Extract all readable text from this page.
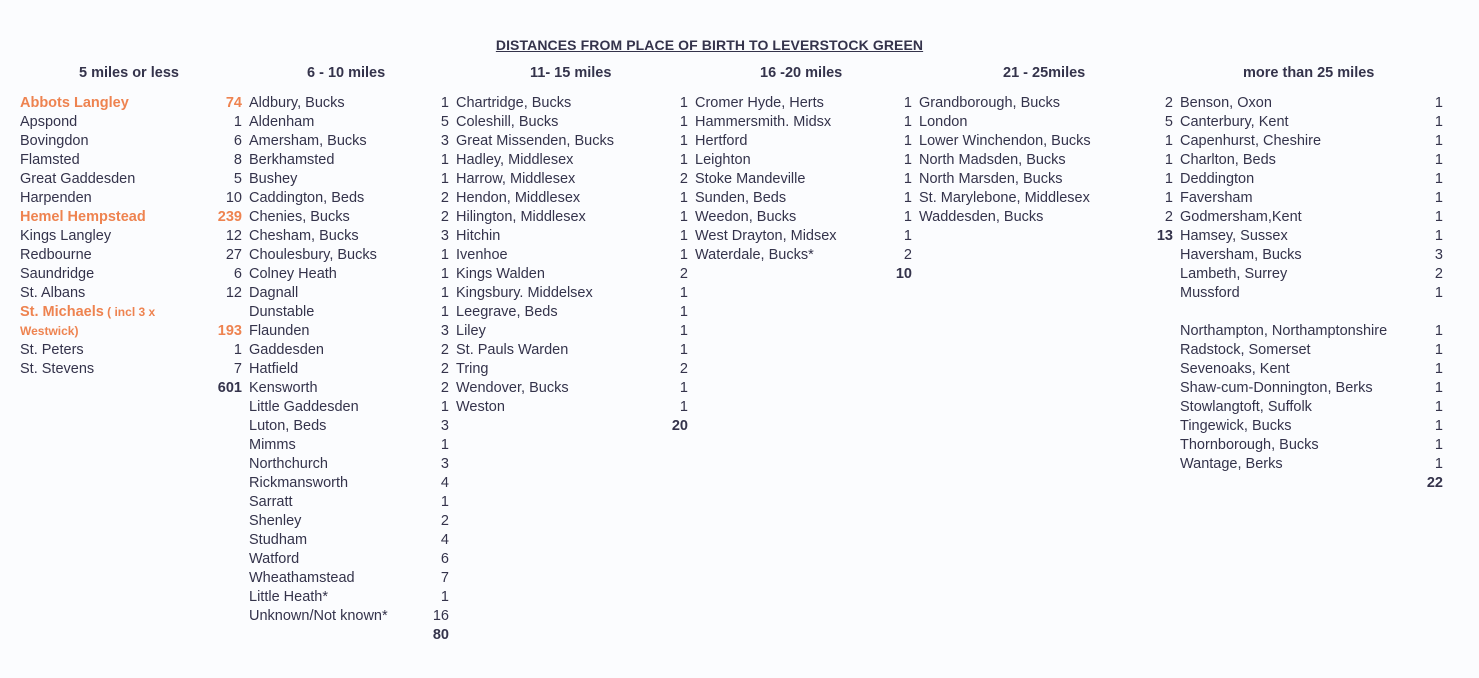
DISTANCES FROM PLACE OF BIRTH TO LEVERSTOCK GREEN
5 miles or less
Abbots Langley	74
Apspond	1
Bovingdon	6
Flamsted	8
Great Gaddesden	5
Harpenden	10
Hemel Hempstead	239
Kings Langley	12
Redbourne	27
Saundridge	6
St. Albans	12
St. Michaels ( incl 3 x
Westwick)	193
St. Peters	1
St. Stevens	7
601
6 - 10 miles
Aldbury, Bucks	1
Aldenham	5
Amersham, Bucks	3
Berkhamsted	1
Bushey	1
Caddington, Beds	2
Chenies, Bucks	2
Chesham, Bucks	3
Choulesbury, Bucks	1
Colney Heath	1
Dagnall	1
Dunstable	1
Flaunden	3
Gaddesden	2
Hatfield	2
Kensworth	2
Little Gaddesden	1
Luton, Beds	3
Mimms	1
Northchurch	3
Rickmansworth	4
Sarratt	1
Shenley	2
Studham	4
Watford	6
Wheathamstead	7
Little Heath*	1
Unknown/Not known*	16
80
11- 15 miles
Chartridge, Bucks	1
Coleshill, Bucks	1
Great Missenden, Bucks	1
Hadley, Middlesex	1
Harrow, Middlesex	2
Hendon, Middlesex	1
Hilington, Middlesex	1
Hitchin	1
Ivenhoe	1
Kings Walden	2
Kingsbury. Middelsex	1
Leegrave, Beds	1
Liley	1
St. Pauls Warden	1
Tring	2
Wendover, Bucks	1
Weston	1
20
16 -20 miles
Cromer Hyde, Herts	1
Hammersmith. Midsx	1
Hertford	1
Leighton	1
Stoke Mandeville	1
Sunden, Beds	1
Weedon, Bucks	1
West Drayton, Midsex	1
Waterdale, Bucks*	2
10
21 - 25miles
Grandborough, Bucks	2
London	5
Lower Winchendon, Bucks	1
North Madsden, Bucks	1
North Marsden, Bucks	1
St. Marylebone, Middlesex	1
Waddesden, Bucks	2
13
more than 25 miles
Benson, Oxon	1
Canterbury, Kent	1
Capenhurst, Cheshire	1
Charlton, Beds	1
Deddington	1
Faversham	1
Godmersham,Kent	1
Hamsey, Sussex	1
Haversham, Bucks	3
Lambeth, Surrey	2
Mussford	1
Northampton, Northamptonshire	1
Radstock, Somerset	1
Sevenoaks, Kent	1
Shaw-cum-Donnington, Berks	1
Stowlangtoft, Suffolk	1
Tingewick, Bucks	1
Thornborough, Bucks	1
Wantage, Berks	1
22
